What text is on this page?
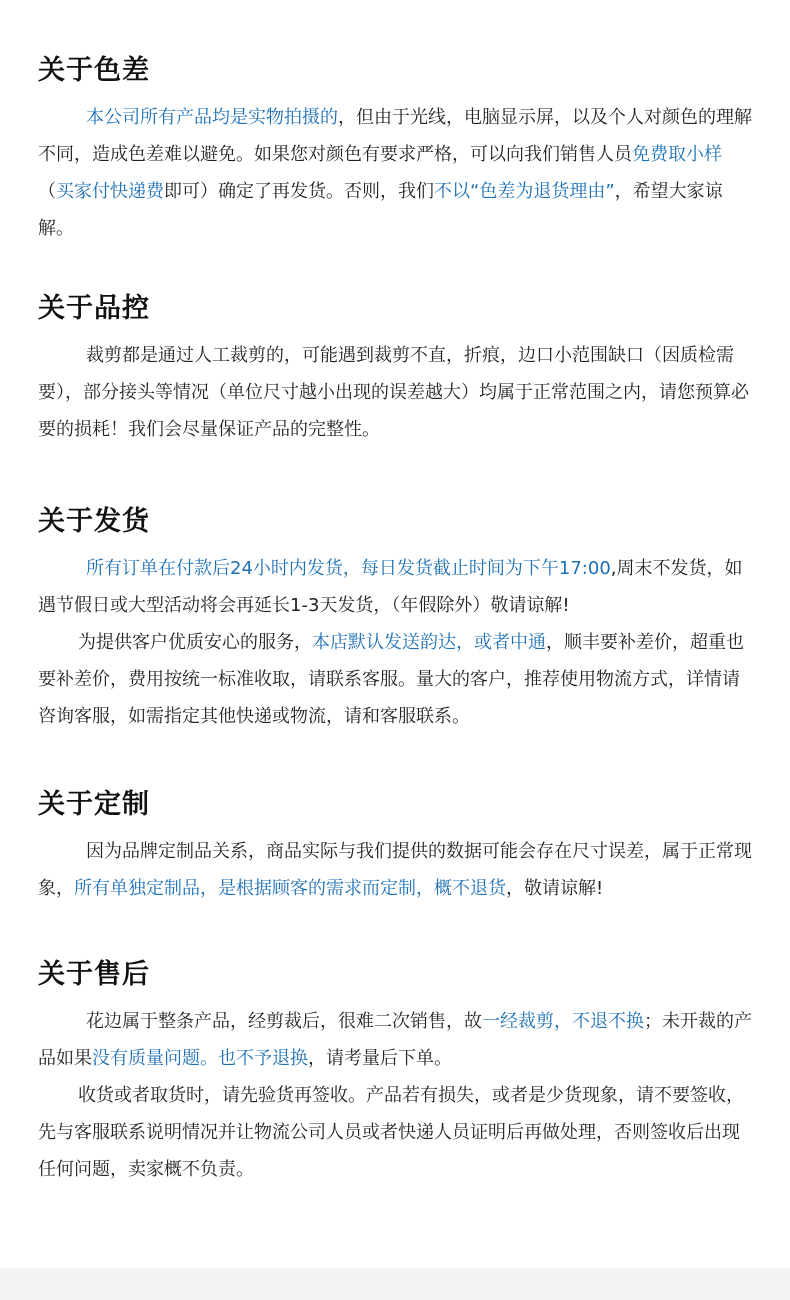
关于色差

本公司所有产品均是实物拍摄的，但由于光线，电脑显示屏，以及个人对颜色的理解不同，造成色差难以避免。如果您对颜色有要求严格，可以向我们销售人员免费取小样（买家付快递费即可）确定了再发货。否则，我们不以“色差为退货理由”，希望大家谅解。

关于品控

裁剪都是通过人工裁剪的，可能遇到裁剪不直，折痕，边口小范围缺口（因质检需要），部分接头等情况（单位尺寸越小出现的误差越大）均属于正常范围之内，请您预算必要的损耗！我们会尽量保证产品的完整性。

关于发货

所有订单在付款后24小时内发货，每日发货截止时间为下午17:00,周末不发货，如遇节假日或大型活动将会再延长1-3天发货，（年假除外）敬请谅解!

为提供客户优质安心的服务，本店默认发送韵达，或者中通，顺丰要补差价，超重也要补差价，费用按统一标准收取，请联系客服。量大的客户，推荐使用物流方式，详情请咨询客服，如需指定其他快递或物流，请和客服联系。

关于定制

因为品牌定制品关系，商品实际与我们提供的数据可能会存在尺寸误差，属于正常现象，所有单独定制品，是根据顾客的需求而定制，概不退货，敬请谅解!

关于售后

花边属于整条产品，经剪裁后，很难二次销售，故一经裁剪，不退不换；未开裁的产品如果没有质量问题。也不予退换，请考量后下单。

收货或者取货时，请先验货再签收。产品若有损失，或者是少货现象，请不要签收，先与客服联系说明情况并让物流公司人员或者快递人员证明后再做处理，否则签收后出现任何问题，卖家概不负责。
